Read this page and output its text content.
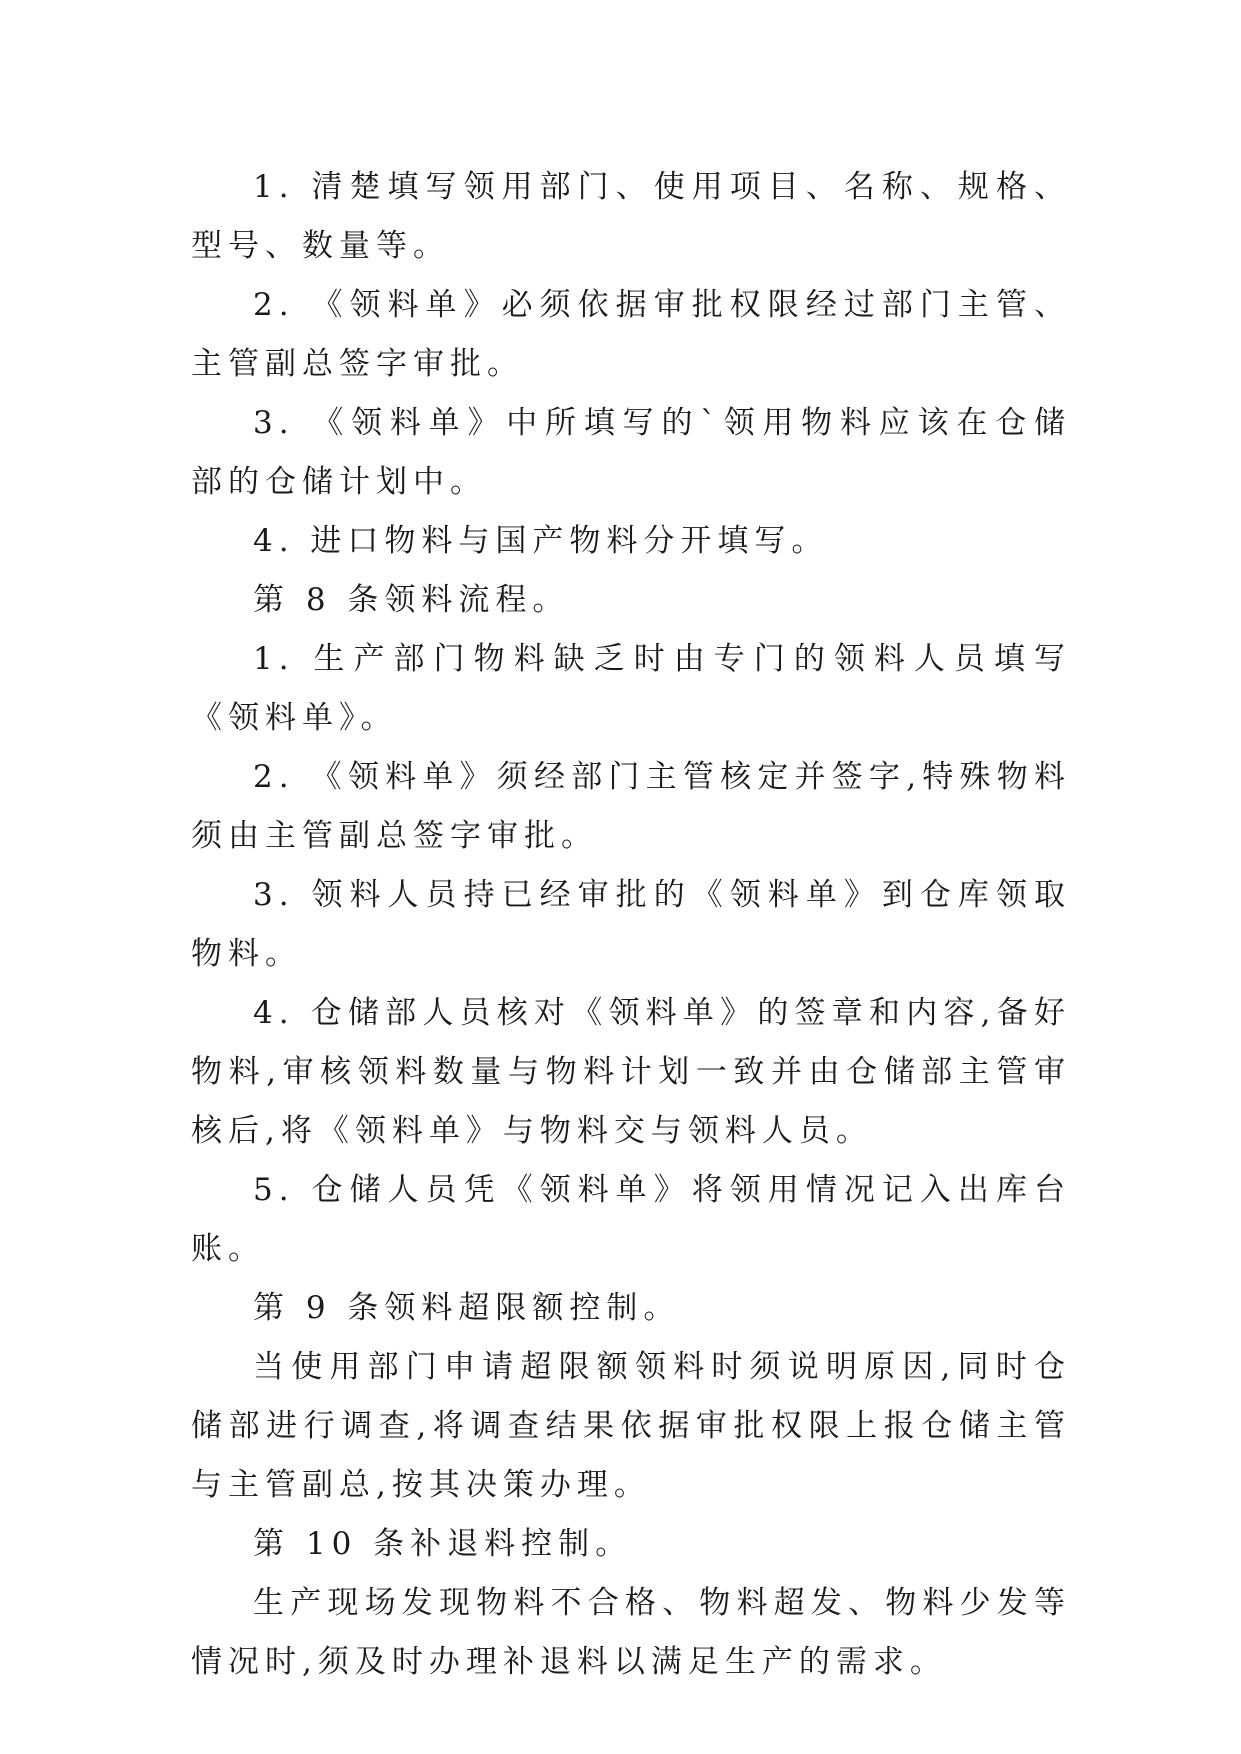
1. 清楚填写领用部门、使用项目、名称、规格、型号、数量等。

2. 《领料单》必须依据审批权限经过部门主管、主管副总签字审批。

3. 《领料单》中所填写的`领用物料应该在仓储部的仓储计划中。

4. 进口物料与国产物料分开填写。

第 8 条领料流程。

1. 生产部门物料缺乏时由专门的领料人员填写《领料单》。

2. 《领料单》须经部门主管核定并签字,特殊物料须由主管副总签字审批。

3. 领料人员持已经审批的《领料单》到仓库领取物料。

4. 仓储部人员核对《领料单》的签章和内容,备好物料,审核领料数量与物料计划一致并由仓储部主管审核后,将《领料单》与物料交与领料人员。

5. 仓储人员凭《领料单》将领用情况记入出库台账。

第 9 条领料超限额控制。

当使用部门申请超限额领料时须说明原因,同时仓储部进行调查,将调查结果依据审批权限上报仓储主管与主管副总,按其决策办理。

第 10 条补退料控制。

生产现场发现物料不合格、物料超发、物料少发等情况时,须及时办理补退料以满足生产的需求。
